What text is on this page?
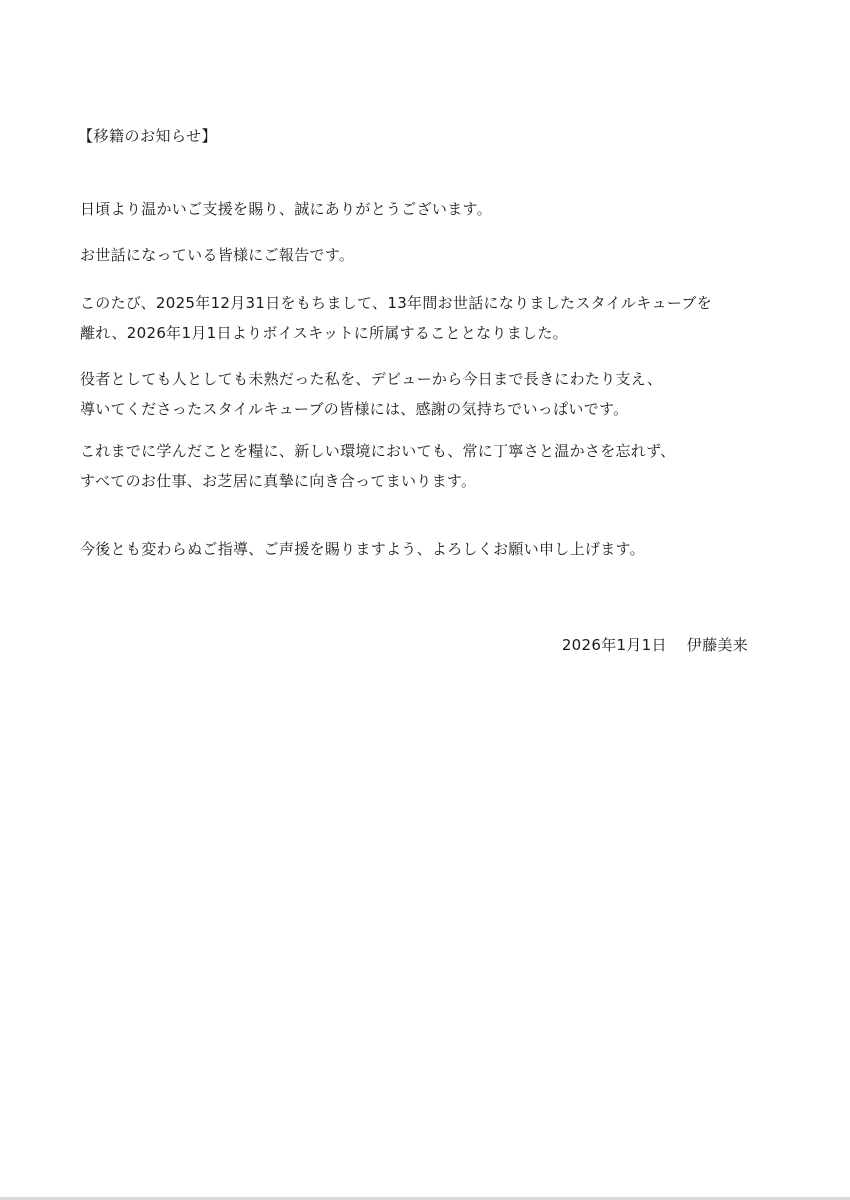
【移籍のお知らせ】
日頃より温かいご支援を賜り、誠にありがとうございます。
お世話になっている皆様にご報告です。
このたび、2025年12月31日をもちまして、13年間お世話になりましたスタイルキューブを
離れ、2026年1月1日よりボイスキットに所属することとなりました。
役者としても人としても未熟だった私を、デビューから今日まで長きにわたり支え、
導いてくださったスタイルキューブの皆様には、感謝の気持ちでいっぱいです。
これまでに学んだことを糧に、新しい環境においても、常に丁寧さと温かさを忘れず、
すべてのお仕事、お芝居に真摯に向き合ってまいります。
今後とも変わらぬご指導、ご声援を賜りますよう、よろしくお願い申し上げます。
2026年1月1日 伊藤美来
